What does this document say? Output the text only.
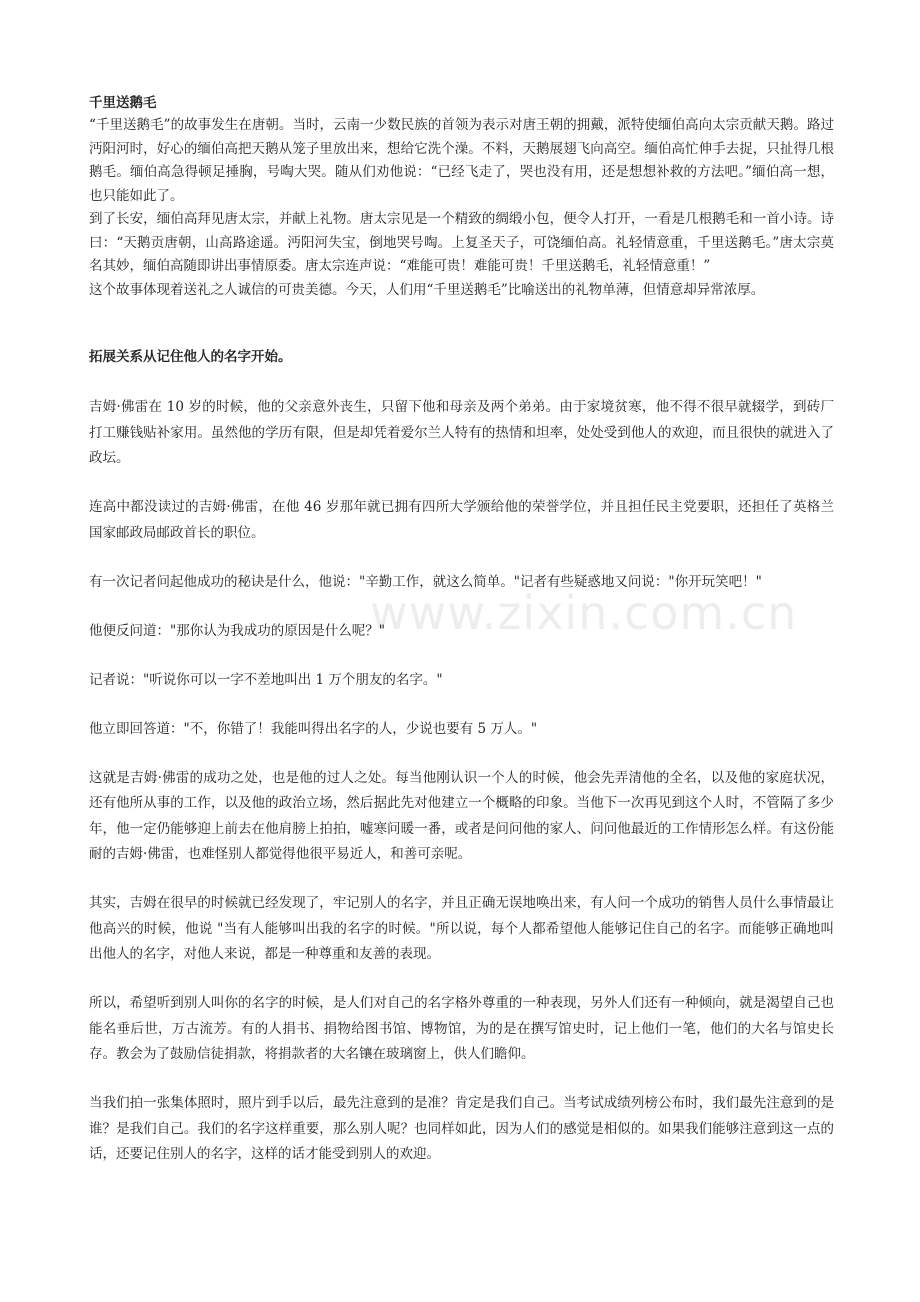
www.zixin.com.cn

千里送鹅毛

“千里送鹅毛”的故事发生在唐朝。当时，云南一少数民族的首领为表示对唐王朝的拥戴，派特使缅伯高向太宗贡献天鹅。路过沔阳河时，好心的缅伯高把天鹅从笼子里放出来，想给它洗个澡。不料，天鹅展翅飞向高空。缅伯高忙伸手去捉，只扯得几根鹅毛。缅伯高急得顿足捶胸，号啕大哭。随从们劝他说：“已经飞走了，哭也没有用，还是想想补救的方法吧。”缅伯高一想，也只能如此了。

到了长安，缅伯高拜见唐太宗，并献上礼物。唐太宗见是一个精致的绸缎小包，便令人打开，一看是几根鹅毛和一首小诗。诗曰：“天鹅贡唐朝，山高路途遥。沔阳河失宝，倒地哭号啕。上复圣天子，可饶缅伯高。礼轻情意重，千里送鹅毛。”唐太宗莫名其妙，缅伯高随即讲出事情原委。唐太宗连声说：“难能可贵！难能可贵！千里送鹅毛，礼轻情意重！”

这个故事体现着送礼之人诚信的可贵美德。今天，人们用“千里送鹅毛”比喻送出的礼物单薄，但情意却异常浓厚。

拓展关系从记住他人的名字开始。

吉姆·佛雷在 10 岁的时候，他的父亲意外丧生，只留下他和母亲及两个弟弟。由于家境贫寒，他不得不很早就辍学，到砖厂打工赚钱贴补家用。虽然他的学历有限，但是却凭着爱尔兰人特有的热情和坦率，处处受到他人的欢迎，而且很快的就进入了政坛。

连高中都没读过的吉姆·佛雷，在他 46 岁那年就已拥有四所大学颁给他的荣誉学位，并且担任民主党要职，还担任了英格兰国家邮政局邮政首长的职位。

有一次记者问起他成功的秘诀是什么，他说："辛勤工作，就这么简单。"记者有些疑惑地又问说："你开玩笑吧！"

他便反问道："那你认为我成功的原因是什么呢？"

记者说："听说你可以一字不差地叫出 1 万个朋友的名字。"

他立即回答道："不，你错了！我能叫得出名字的人，少说也要有 5 万人。"

这就是吉姆·佛雷的成功之处，也是他的过人之处。每当他刚认识一个人的时候，他会先弄清他的全名，以及他的家庭状况，还有他所从事的工作，以及他的政治立场，然后据此先对他建立一个概略的印象。当他下一次再见到这个人时，不管隔了多少年，他一定仍能够迎上前去在他肩膀上拍拍，嘘寒问暖一番，或者是问问他的家人、问问他最近的工作情形怎么样。有这份能耐的吉姆·佛雷，也难怪别人都觉得他很平易近人，和善可亲呢。

其实，吉姆在很早的时候就已经发现了，牢记别人的名字，并且正确无误地唤出来，有人问一个成功的销售人员什么事情最让他高兴的时候，他说 "当有人能够叫出我的名字的时候。"所以说，每个人都希望他人能够记住自己的名字。而能够正确地叫出他人的名字，对他人来说，都是一种尊重和友善的表现。

所以，希望听到别人叫你的名字的时候，是人们对自己的名字格外尊重的一种表现，另外人们还有一种倾向，就是渴望自己也能名垂后世，万古流芳。有的人捐书、捐物给图书馆、博物馆，为的是在撰写馆史时，记上他们一笔，他们的大名与馆史长存。教会为了鼓励信徒捐款，将捐款者的大名镶在玻璃窗上，供人们瞻仰。

当我们拍一张集体照时，照片到手以后，最先注意到的是准？肯定是我们自己。当考试成绩列榜公布时，我们最先注意到的是谁？是我们自己。我们的名字这样重要，那么别人呢？也同样如此，因为人们的感觉是相似的。如果我们能够注意到这一点的话，还要记住别人的名字，这样的话才能受到别人的欢迎。
